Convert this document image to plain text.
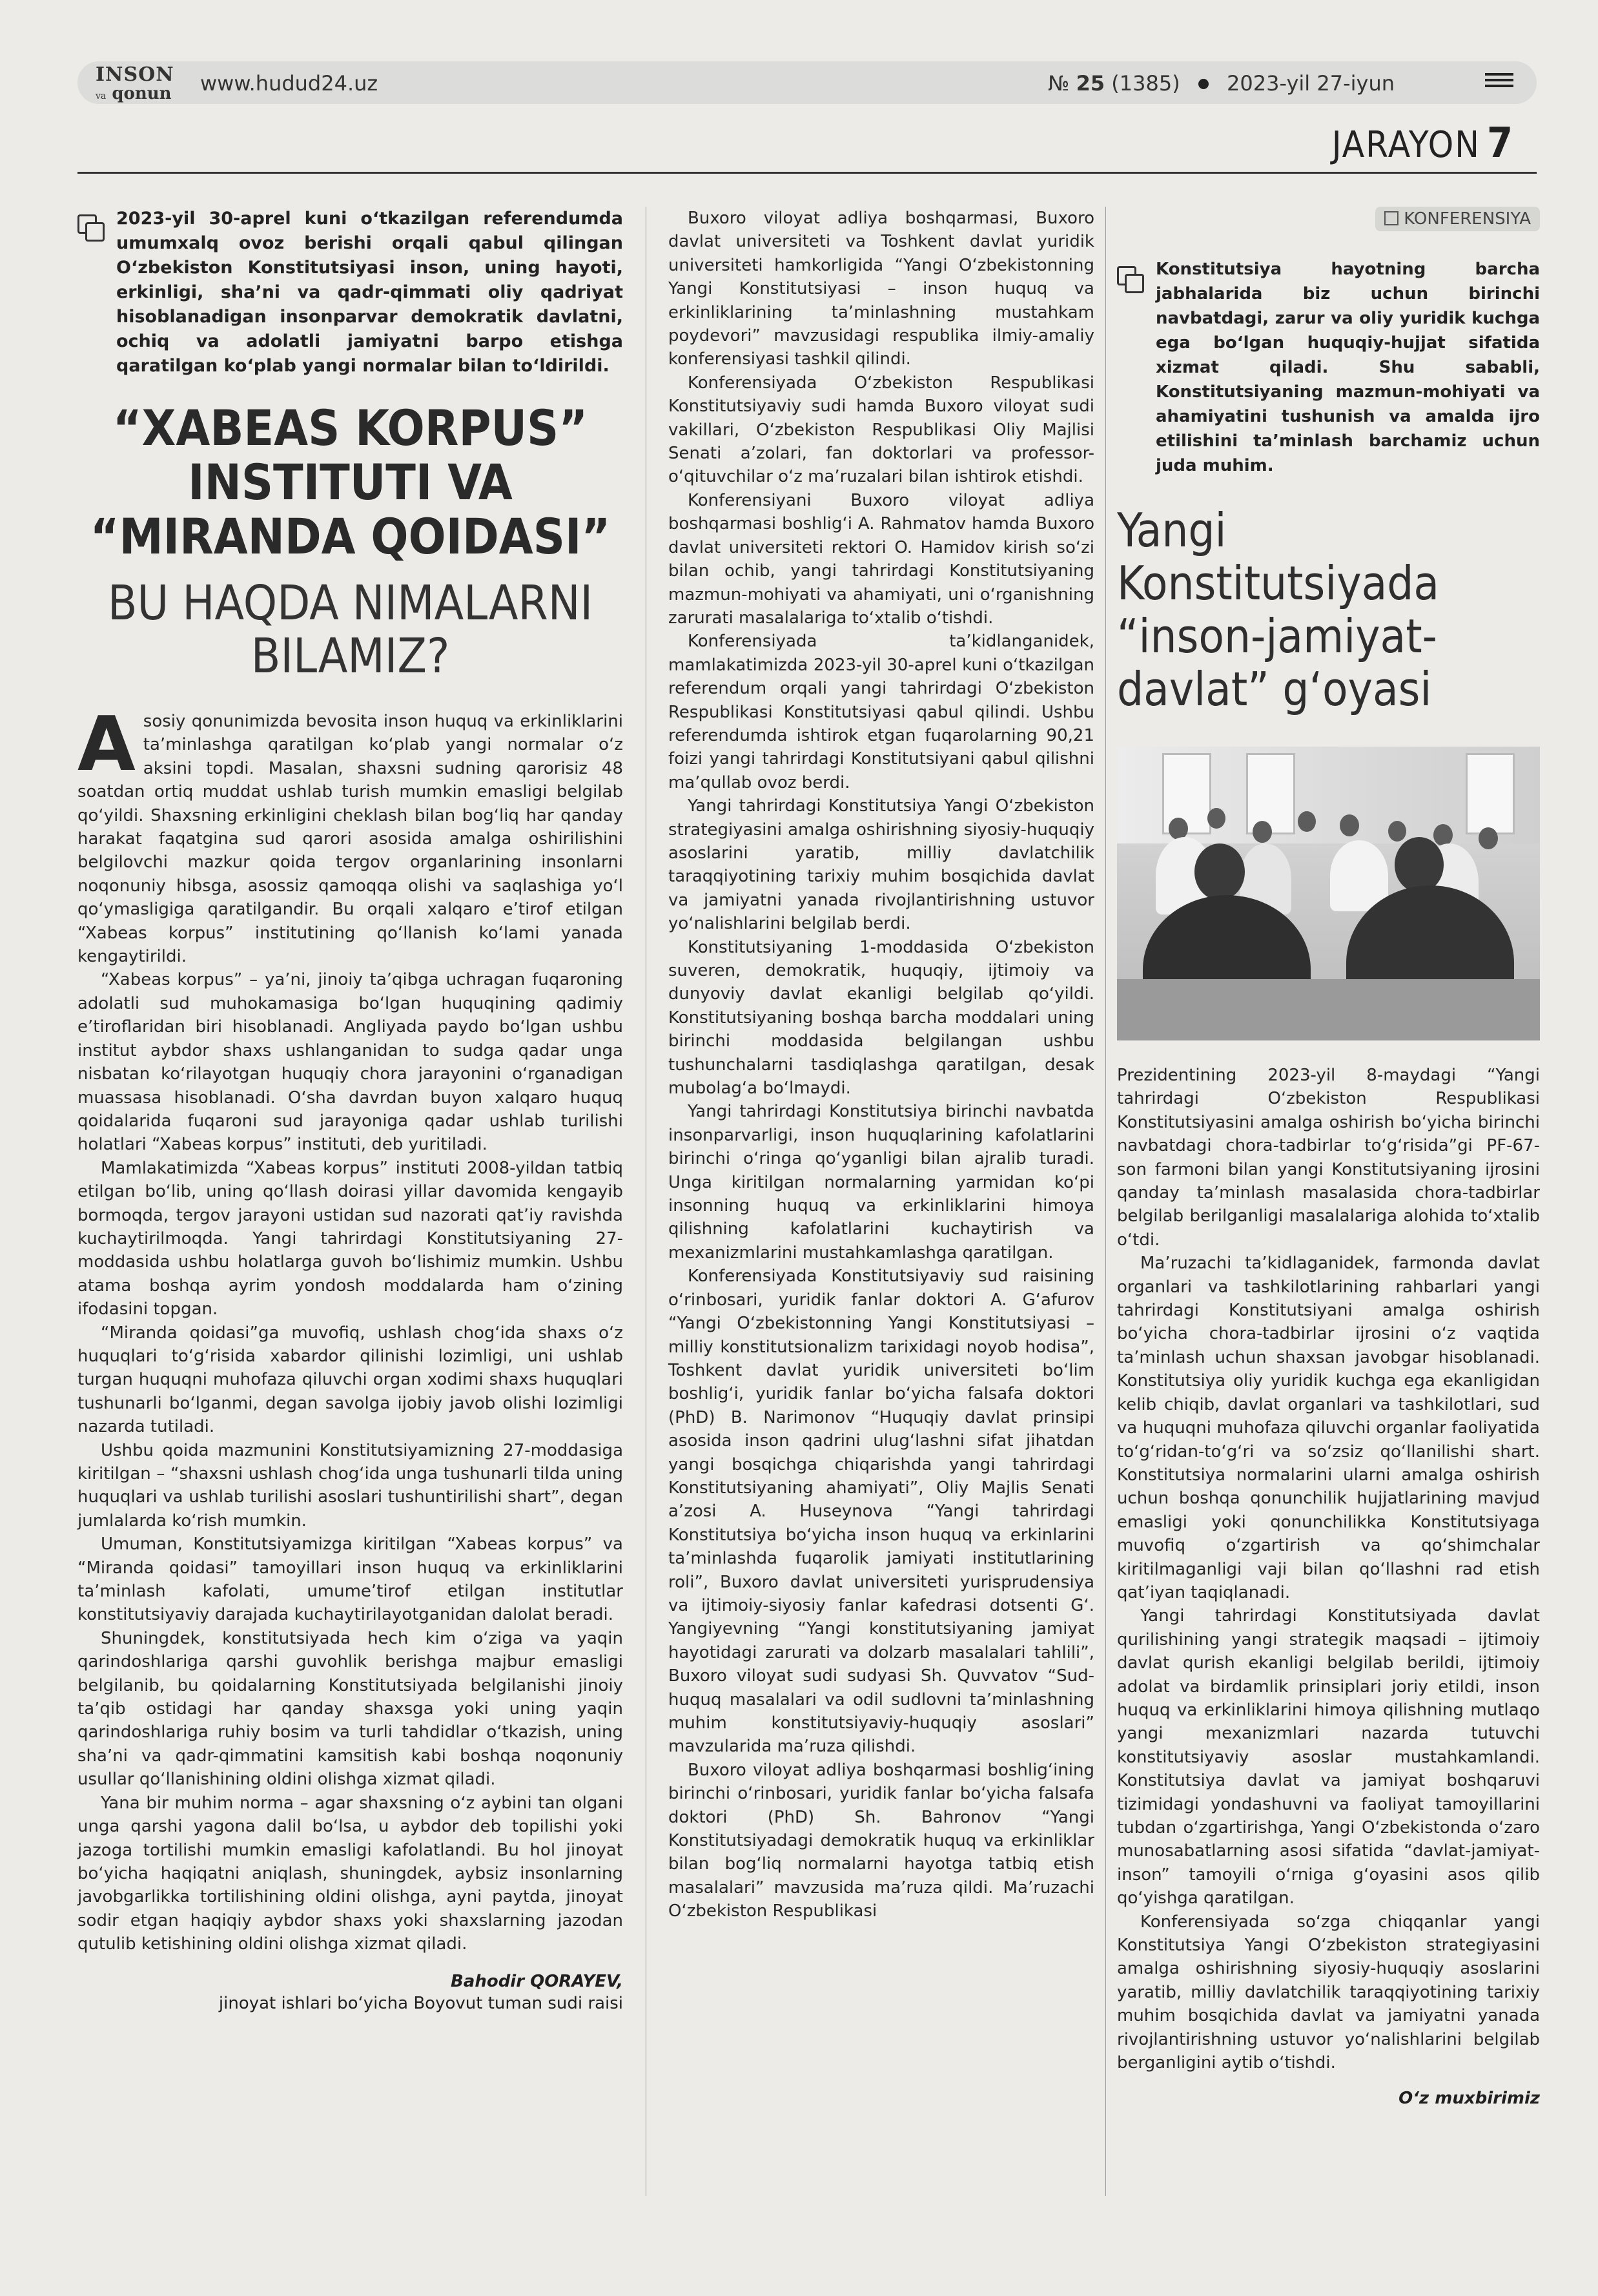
INSON
va qonun www.hudud24.uz	№ 25 (1385) 2023-yil 27-iyun
JARAYON 7
2023-yil 30-aprel kuni o‘tkazilgan referendumda umumxalq ovoz berishi orqali qabul qilingan O‘zbekiston Konstitutsiyasi inson, uning hayoti, erkinligi, sha’ni va qadr-qimmati oliy qadriyat hisoblanadigan insonparvar demokratik davlatni, ochiq va adolatli jamiyatni barpo etishga qaratilgan ko‘plab yangi normalar bilan to‘ldirildi.
“XABEAS KORPUS” INSTITUTI VA “MIRANDA QOIDASI”
BU HAQDA NIMALARNI BILAMIZ?

Asosiy qonunimizda bevosita inson huquq va erkinliklarini ta’minlashga qaratilgan ko‘plab yangi normalar o‘z aksini topdi. Masalan, shaxsni sudning qarorisiz 48 soatdan ortiq muddat ushlab turish mumkin emasligi belgilab qo‘yildi. Shaxsning erkinligini cheklash bilan bog‘liq har qanday harakat faqatgina sud qarori asosida amalga oshirilishini belgilovchi mazkur qoida tergov organlarining insonlarni noqonuniy hibsga, asossiz qamoqqa olishi va saqlashiga yo‘l qo‘ymasligiga qaratilgandir. Bu orqali xalqaro e’tirof etilgan “Xabeas korpus” institutining qo‘llanish ko‘lami yanada kengaytirildi.

“Xabeas korpus” – ya’ni, jinoiy ta’qibga uchragan fuqaroning adolatli sud muhokamasiga bo‘lgan huquqining qadimiy e’tiroflaridan biri hisoblanadi. Angliyada paydo bo‘lgan ushbu institut aybdor shaxs ushlanganidan to sudga qadar unga nisbatan ko‘rilayotgan huquqiy chora jarayonini o‘rganadigan muassasa hisoblanadi. O‘sha davrdan buyon xalqaro huquq qoidalarida fuqaroni sud jarayoniga qadar ushlab turilishi holatlari “Xabeas korpus” instituti, deb yuritiladi.

Mamlakatimizda “Xabeas korpus” instituti 2008-yildan tatbiq etilgan bo‘lib, uning qo‘llash doirasi yillar davomida kengayib bormoqda, tergov jarayoni ustidan sud nazorati qat’iy ravishda kuchaytirilmoqda. Yangi tahrirdagi Konstitutsiyaning 27-moddasida ushbu holatlarga guvoh bo‘lishimiz mumkin. Ushbu atama boshqa ayrim yondosh moddalarda ham o‘zining ifodasini topgan.

“Miranda qoidasi”ga muvofiq, ushlash chog‘ida shaxs o‘z huquqlari to‘g‘risida xabardor qilinishi lozimligi, uni ushlab turgan huquqni muhofaza qiluvchi organ xodimi shaxs huquqlari tushunarli bo‘lganmi, degan savolga ijobiy javob olishi lozimligi nazarda tutiladi.

Ushbu qoida mazmunini Konstitutsiyamizning 27-moddasiga kiritilgan – “shaxsni ushlash chog‘ida unga tushunarli tilda uning huquqlari va ushlab turilishi asoslari tushuntirilishi shart”, degan jumlalarda ko‘rish mumkin.

Umuman, Konstitutsiyamizga kiritilgan “Xabeas korpus” va “Miranda qoidasi” tamoyillari inson huquq va erkinliklarini ta’minlash kafolati, umume’tirof etilgan institutlar konstitutsiyaviy darajada kuchaytirilayotganidan dalolat beradi.

Shuningdek, konstitutsiyada hech kim o‘ziga va yaqin qarindoshlariga qarshi guvohlik berishga majbur emasligi belgilanib, bu qoidalarning Konstitutsiyada belgilanishi jinoiy ta’qib ostidagi har qanday shaxsga yoki uning yaqin qarindoshlariga ruhiy bosim va turli tahdidlar o‘tkazish, uning sha’ni va qadr-qimmatini kamsitish kabi boshqa noqonuniy usullar qo‘llanishining oldini olishga xizmat qiladi.

Yana bir muhim norma – agar shaxsning o‘z aybini tan olgani unga qarshi yagona dalil bo‘lsa, u aybdor deb topilishi yoki jazoga tortilishi mumkin emasligi kafolatlandi. Bu hol jinoyat bo‘yicha haqiqatni aniqlash, shuningdek, aybsiz insonlarning javobgarlikka tortilishining oldini olishga, ayni paytda, jinoyat sodir etgan haqiqiy aybdor shaxs yoki shaxslarning jazodan qutulib ketishining oldini olishga xizmat qiladi.

Bahodir QORAYEV,
jinoyat ishlari bo‘yicha Boyovut tuman sudi raisi

Buxoro viloyat adliya boshqarmasi, Buxoro davlat universiteti va Toshkent davlat yuridik universiteti hamkorligida “Yangi O‘zbekistonning Yangi Konstitutsiyasi – inson huquq va erkinliklarining ta’minlashning mustahkam poydevori” mavzusidagi respublika ilmiy-amaliy konferensiyasi tashkil qilindi.

Konferensiyada O‘zbekiston Respublikasi Konstitutsiyaviy sudi hamda Buxoro viloyat sudi vakillari, O‘zbekiston Respublikasi Oliy Majlisi Senati a’zolari, fan doktorlari va professor-o‘qituvchilar o‘z ma’ruzalari bilan ishtirok etishdi.

Konferensiyani Buxoro viloyat adliya boshqarmasi boshlig‘i A. Rahmatov hamda Buxoro davlat universiteti rektori O. Hamidov kirish so‘zi bilan ochib, yangi tahrirdagi Konstitutsiyaning mazmun-mohiyati va ahamiyati, uni o‘rganishning zarurati masalalariga to‘xtalib o‘tishdi.

Konferensiyada ta’kidlanganidek, mamlakatimizda 2023-yil 30-aprel kuni o‘tkazilgan referendum orqali yangi tahrirdagi O‘zbekiston Respublikasi Konstitutsiyasi qabul qilindi. Ushbu referendumda ishtirok etgan fuqarolarning 90,21 foizi yangi tahrirdagi Konstitutsiyani qabul qilishni ma’qullab ovoz berdi.

Yangi tahrirdagi Konstitutsiya Yangi O‘zbekiston strategiyasini amalga oshirishning siyosiy-huquqiy asoslarini yaratib, milliy davlatchilik taraqqiyotining tarixiy muhim bosqichida davlat va jamiyatni yanada rivojlantirishning ustuvor yo‘nalishlarini belgilab berdi.

Konstitutsiyaning 1-moddasida O‘zbekiston suveren, demokratik, huquqiy, ijtimoiy va dunyoviy davlat ekanligi belgilab qo‘yildi. Konstitutsiyaning boshqa barcha moddalari uning birinchi moddasida belgilangan ushbu tushunchalarni tasdiqlashga qaratilgan, desak mubolag‘a bo‘lmaydi.

Yangi tahrirdagi Konstitutsiya birinchi navbatda insonparvarligi, inson huquqlarining kafolatlarini birinchi o‘ringa qo‘yganligi bilan ajralib turadi. Unga kiritilgan normalarning yarmidan ko‘pi insonning huquq va erkinliklarini himoya qilishning kafolatlarini kuchaytirish va mexanizmlarini mustahkamlashga qaratilgan.

Konferensiyada Konstitutsiyaviy sud raisining o‘rinbosari, yuridik fanlar doktori A. G‘afurov “Yangi O‘zbekistonning Yangi Konstitutsiyasi – milliy konstitutsionalizm tarixidagi noyob hodisa”, Toshkent davlat yuridik universiteti bo‘lim boshlig‘i, yuridik fanlar bo‘yicha falsafa doktori (PhD) B. Narimonov “Huquqiy davlat prinsipi asosida inson qadrini ulug‘lashni sifat jihatdan yangi bosqichga chiqarishda yangi tahrirdagi Konstitutsiyaning ahamiyati”, Oliy Majlis Senati a’zosi A. Huseynova “Yangi tahrirdagi Konstitutsiya bo‘yicha inson huquq va erkinlarini ta’minlashda fuqarolik jamiyati institutlarining roli”, Buxoro davlat universiteti yurisprudensiya va ijtimoiy-siyosiy fanlar kafedrasi dotsenti G‘. Yangiyevning “Yangi konstitutsiyaning jamiyat hayotidagi zarurati va dolzarb masalalari tahlili”, Buxoro viloyat sudi sudyasi Sh. Quvvatov “Sud-huquq masalalari va odil sudlovni ta’minlashning muhim konstitutsiyaviy-huquqiy asoslari” mavzularida ma’ruza qilishdi.

Buxoro viloyat adliya boshqarmasi boshlig‘ining birinchi o‘rinbosari, yuridik fanlar bo‘yicha falsafa doktori (PhD) Sh. Bahronov “Yangi Konstitutsiyadagi demokratik huquq va erkinliklar bilan bog‘liq normalarni hayotga tatbiq etish masalalari” mavzusida ma’ruza qildi. Ma’ruzachi O‘zbekiston Respublikasi

KONFERENSIYA
Konstitutsiya hayotning barcha jabhalarida biz uchun birinchi navbatdagi, zarur va oliy yuridik kuchga ega bo‘lgan huquqiy-hujjat sifatida xizmat qiladi. Shu sababli, Konstitutsiyaning mazmun-mohiyati va ahamiyatini tushunish va amalda ijro etilishini ta’minlash barchamiz uchun juda muhim.
Yangi Konstitutsiyada “inson-jamiyat-davlat” g‘oyasi

Prezidentining 2023-yil 8-maydagi “Yangi tahrirdagi O‘zbekiston Respublikasi Konstitutsiyasini amalga oshirish bo‘yicha birinchi navbatdagi chora-tadbirlar to‘g‘risida”gi PF-67-son farmoni bilan yangi Konstitutsiyaning ijrosini qanday ta’minlash masalasida chora-tadbirlar belgilab berilganligi masalalariga alohida to‘xtalib o‘tdi.

Ma’ruzachi ta’kidlaganidek, farmonda davlat organlari va tashkilotlarining rahbarlari yangi tahrirdagi Konstitutsiyani amalga oshirish bo‘yicha chora-tadbirlar ijrosini o‘z vaqtida ta’minlash uchun shaxsan javobgar hisoblanadi. Konstitutsiya oliy yuridik kuchga ega ekanligidan kelib chiqib, davlat organlari va tashkilotlari, sud va huquqni muhofaza qiluvchi organlar faoliyatida to‘g‘ridan-to‘g‘ri va so‘zsiz qo‘llanilishi shart. Konstitutsiya normalarini ularni amalga oshirish uchun boshqa qonunchilik hujjatlarining mavjud emasligi yoki qonunchilikka Konstitutsiyaga muvofiq o‘zgartirish va qo‘shimchalar kiritilmaganligi vaji bilan qo‘llashni rad etish qat’iyan taqiqlanadi.

Yangi tahrirdagi Konstitutsiyada davlat qurilishining yangi strategik maqsadi – ijtimoiy davlat qurish ekanligi belgilab berildi, ijtimoiy adolat va birdamlik prinsiplari joriy etildi, inson huquq va erkinliklarini himoya qilishning mutlaqo yangi mexanizmlari nazarda tutuvchi konstitutsiyaviy asoslar mustahkamlandi. Konstitutsiya davlat va jamiyat boshqaruvi tizimidagi yondashuvni va faoliyat tamoyillarini tubdan o‘zgartirishga, Yangi O‘zbekistonda o‘zaro munosabatlarning asosi sifatida “davlat-jamiyat-inson” tamoyili o‘rniga g‘oyasini asos qilib qo‘yishga qaratilgan.

Konferensiyada so‘zga chiqqanlar yangi Konstitutsiya Yangi O‘zbekiston strategiyasini amalga oshirishning siyosiy-huquqiy asoslarini yaratib, milliy davlatchilik taraqqiyotining tarixiy muhim bosqichida davlat va jamiyatni yanada rivojlantirishning ustuvor yo‘nalishlarini belgilab berganligini aytib o‘tishdi.

O‘z muxbirimiz
